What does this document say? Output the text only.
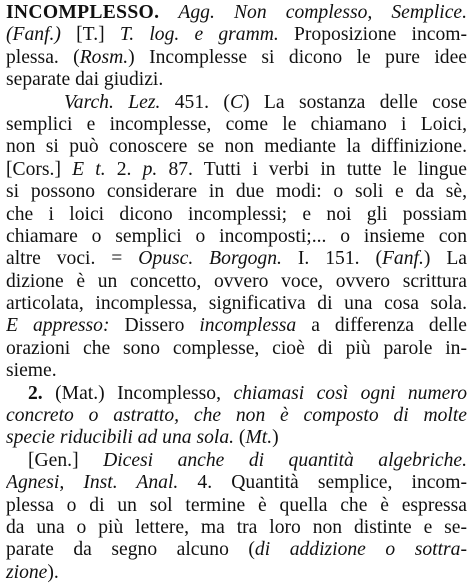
INCOMPLESSO. Agg. Non complesso, Semplice.
(Fanf.) [T.] T. log. e gramm. Proposizione incom-
plessa. (Rosm.) Incomplesse si dicono le pure idee
separate dai giudizi.
Varch. Lez. 451. (C) La sostanza delle cose
semplici e incomplesse, come le chiamano i Loici,
non si può conoscere se non mediante la diffinizione.
[Cors.] E t. 2. p. 87. Tutti i verbi in tutte le lingue
si possono considerare in due modi: o soli e da sè,
che i loici dicono incomplessi; e noi gli possiam
chiamare o semplici o incomposti;... o insieme con
altre voci. = Opusc. Borgogn. I. 151. (Fanf.) La
dizione è un concetto, ovvero voce, ovvero scrittura
articolata, incomplessa, significativa di una cosa sola.
E appresso: Dissero incomplessa a differenza delle
orazioni che sono complesse, cioè di più parole in-
sieme.
2. (Mat.) Incomplesso, chiamasi così ogni numero
concreto o astratto, che non è composto di molte
specie riducibili ad una sola. (Mt.)
[Gen.] Dicesi anche di quantità algebriche.
Agnesi, Inst. Anal. 4. Quantità semplice, incom-
plessa o di un sol termine è quella che è espressa
da una o più lettere, ma tra loro non distinte e se-
parate da segno alcuno (di addizione o sottra-
zione).
